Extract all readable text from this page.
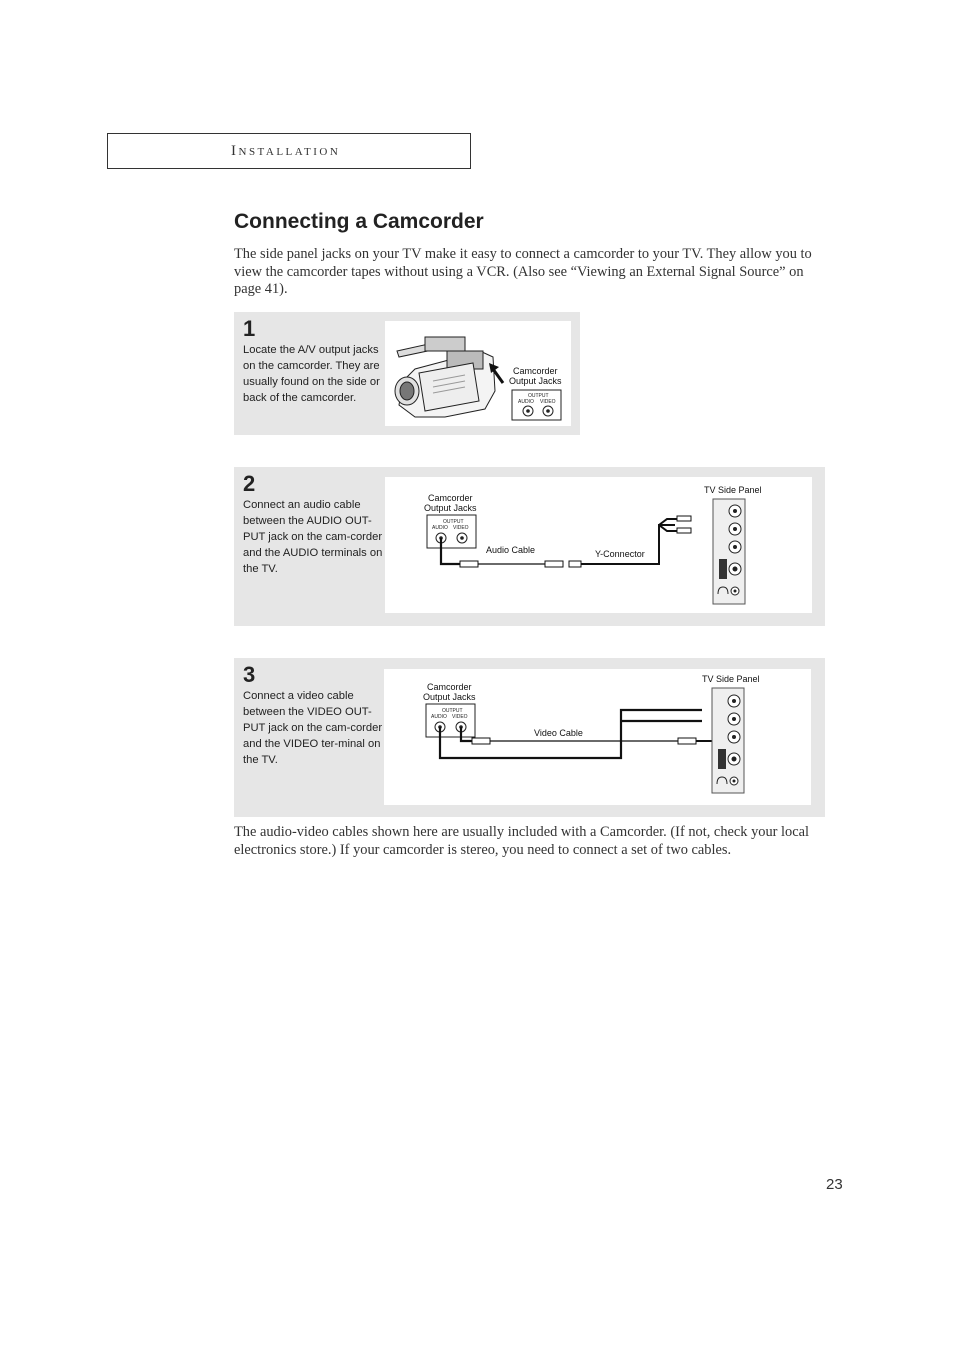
Installation
Connecting a Camcorder

The side panel jacks on your TV make it easy to connect a camcorder to your TV. They allow you to view the camcorder tapes without using a VCR. (Also see “Viewing an External Signal Source” on page 41).

1
Locate the A/V output jacks on the camcorder. They are usually found on the side or back of the camcorder.
Camcorder
Output Jacks
OUTPUT
AUDIO VIDEO
2
Connect an audio cable between the AUDIO OUT-PUT jack on the cam-corder and the AUDIO terminals on the TV.
Camcorder
Output Jacks
OUTPUT
AUDIO VIDEO
Audio Cable	Y-Connector
TV Side Panel
3
Connect a video cable between the VIDEO OUT-PUT jack on the cam-corder and the VIDEO ter-minal on the TV.
Camcorder
Output Jacks
OUTPUT
AUDIO VIDEO
Video Cable
TV Side Panel

The audio-video cables shown here are usually included with a Camcorder. (If not, check your local electronics store.) If your camcorder is stereo, you need to connect a set of two cables.

23
